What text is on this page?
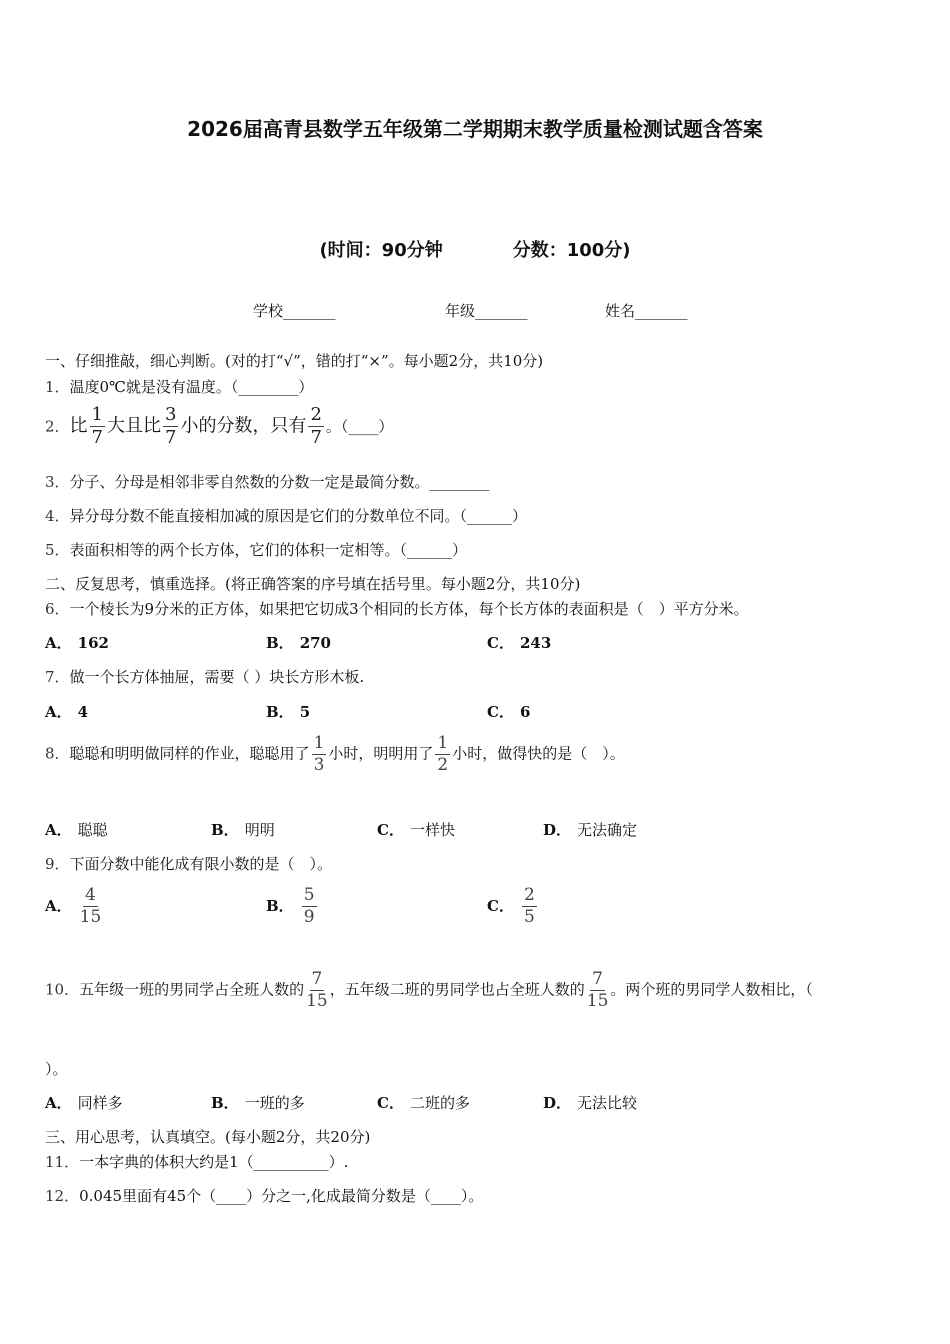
2026届高青县数学五年级第二学期期末教学质量检测试题含答案
(时间：90分钟	分数：100分)
学校_______	年级_______	姓名_______
一、仔细推敲，细心判断。(对的打“√”，错的打“×”。每小题2分，共10分)
1．温度0℃就是没有温度。（________）
2．比 $\frac{1}{7}$ 大且比 $\frac{3}{7}$ 小的分数，只有 $\frac{2}{7}$ 。（____）
3．分子、分母是相邻非零自然数的分数一定是最简分数。________
4．异分母分数不能直接相加减的原因是它们的分数单位不同。（______）
5．表面积相等的两个长方体，它们的体积一定相等。（______）
二、反复思考，慎重选择。(将正确答案的序号填在括号里。每小题2分，共10分)
6．一个棱长为9分米的正方体，如果把它切成3个相同的长方体，每个长方体的表面积是（　）平方分米。
A． 162	B． 270	C． 243
7．做一个长方体抽屉，需要（ ）块长方形木板.
A． 4	B． 5	C． 6
8．聪聪和明明做同样的作业，聪聪用了 $\frac{1}{3}$ 小时，明明用了 $\frac{1}{2}$ 小时，做得快的是（　）。
A． 聪聪	B． 明明	C． 一样快	D． 无法确定
9．下面分数中能化成有限小数的是（　）。
A． $\frac{4}{15}$	B． $\frac{5}{9}$	C． $\frac{2}{5}$
10．五年级一班的男同学占全班人数的 $\frac{7}{15}$ ，五年级二班的男同学也占全班人数的 $\frac{7}{15}$ 。两个班的男同学人数相比，（
）。
A． 同样多	B． 一班的多	C． 二班的多	D． 无法比较
三、用心思考，认真填空。(每小题2分，共20分)
11．一本字典的体积大约是1（__________）.
12．0.045里面有45个（____）分之一,化成最简分数是（____）。
